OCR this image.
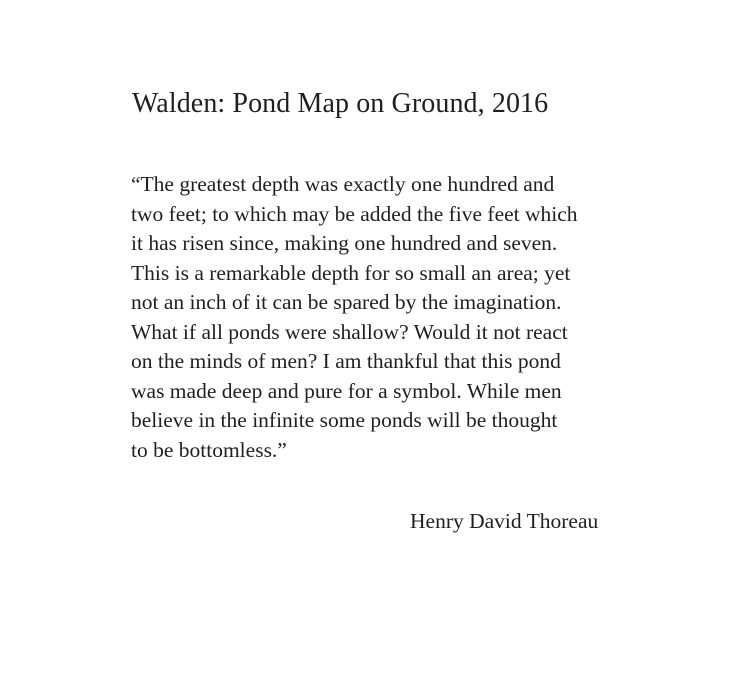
Walden: Pond Map on Ground, 2016
“The greatest depth was exactly one hundred and
two feet; to which may be added the five feet which
it has risen since, making one hundred and seven.
This is a remarkable depth for so small an area; yet
not an inch of it can be spared by the imagination.
What if all ponds were shallow? Would it not react
on the minds of men? I am thankful that this pond
was made deep and pure for a symbol. While men
believe in the infinite some ponds will be thought
to be bottomless.”
Henry David Thoreau
